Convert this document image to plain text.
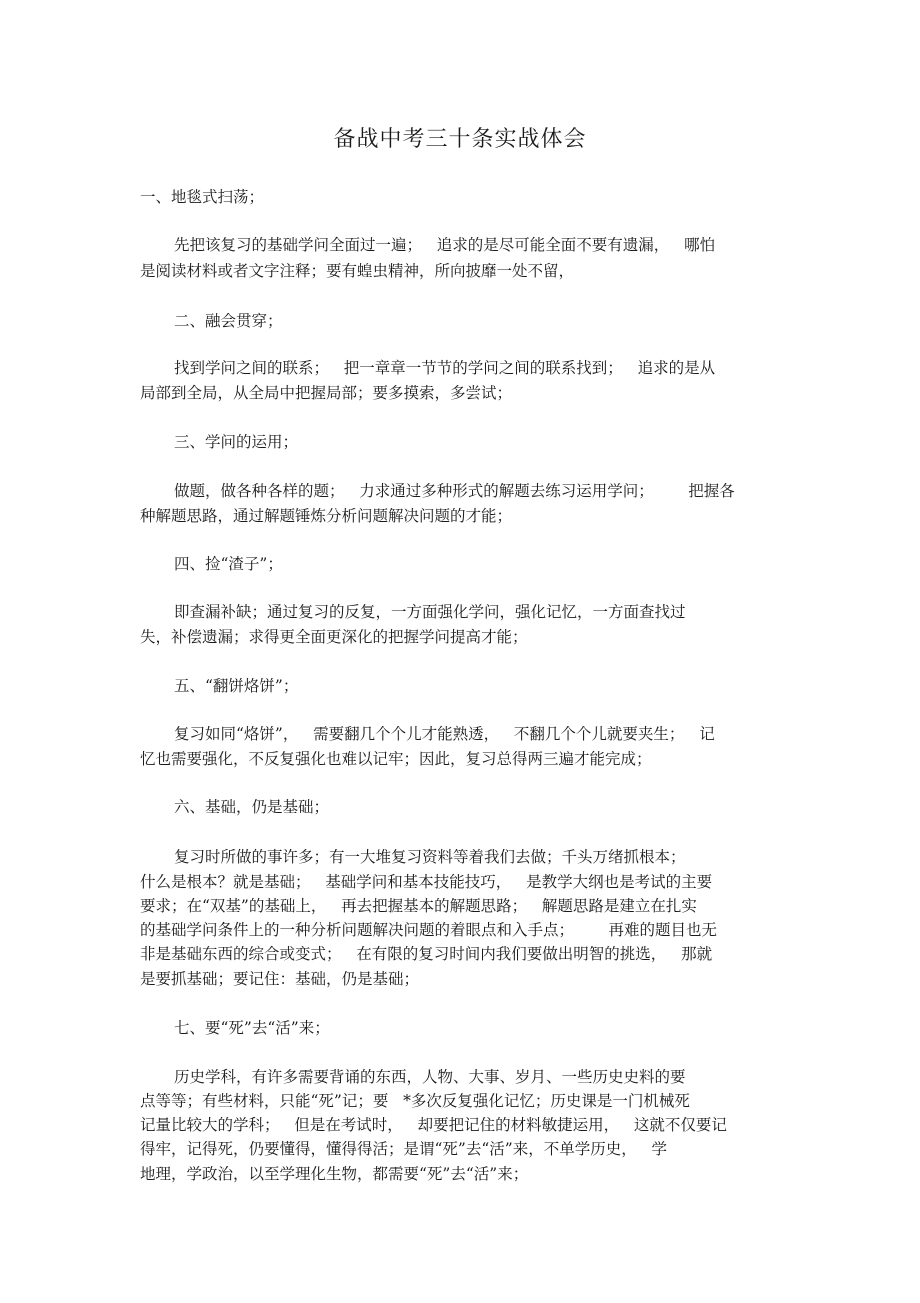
备战中考三十条实战体会
一、地毯式扫荡；
先把该复习的基础学问全面过一遍；   追求的是尽可能全面不要有遗漏，   哪怕
是阅读材料或者文字注释；要有蝗虫精神，所向披靡一处不留，
二、融会贯穿；
找到学问之间的联系；   把一章章一节节的学问之间的联系找到；   追求的是从
局部到全局，从全局中把握局部；要多摸索，多尝试；
三、学问的运用；
做题，做各种各样的题；   力求通过多种形式的解题去练习运用学问；       把握各
种解题思路，通过解题锤炼分析问题解决问题的才能；
四、捡“渣子”；
即查漏补缺；通过复习的反复，一方面强化学问，强化记忆，一方面查找过
失，补偿遗漏；求得更全面更深化的把握学问提高才能；
五、“翻饼烙饼”；
复习如同“烙饼”，   需要翻几个个儿才能熟透，   不翻几个个儿就要夹生；   记
忆也需要强化，不反复强化也难以记牢；因此，复习总得两三遍才能完成；
六、基础，仍是基础；
复习时所做的事许多；有一大堆复习资料等着我们去做；千头万绪抓根本；
什么是根本？就是基础；   基础学问和基本技能技巧，   是教学大纲也是考试的主要
要求；在“双基”的基础上，   再去把握基本的解题思路；   解题思路是建立在扎实
的基础学问条件上的一种分析问题解决问题的着眼点和入手点；       再难的题目也无
非是基础东西的综合或变式；   在有限的复习时间内我们要做出明智的挑选，   那就
是要抓基础；要记住：基础，仍是基础；
七、要“死”去“活”来；
历史学科，有许多需要背诵的东西，人物、大事、岁月、一些历史史料的要
点等等；有些材料，只能“死”记；要   *多次反复强化记忆；历史课是一门机械死
记量比较大的学科；   但是在考试时，   却要把记住的材料敏捷运用，   这就不仅要记
得牢，记得死，仍要懂得，懂得得活；是谓“死”去“活”来，不单学历史，   学
地理，学政治，以至学理化生物，都需要“死”去“活”来；
